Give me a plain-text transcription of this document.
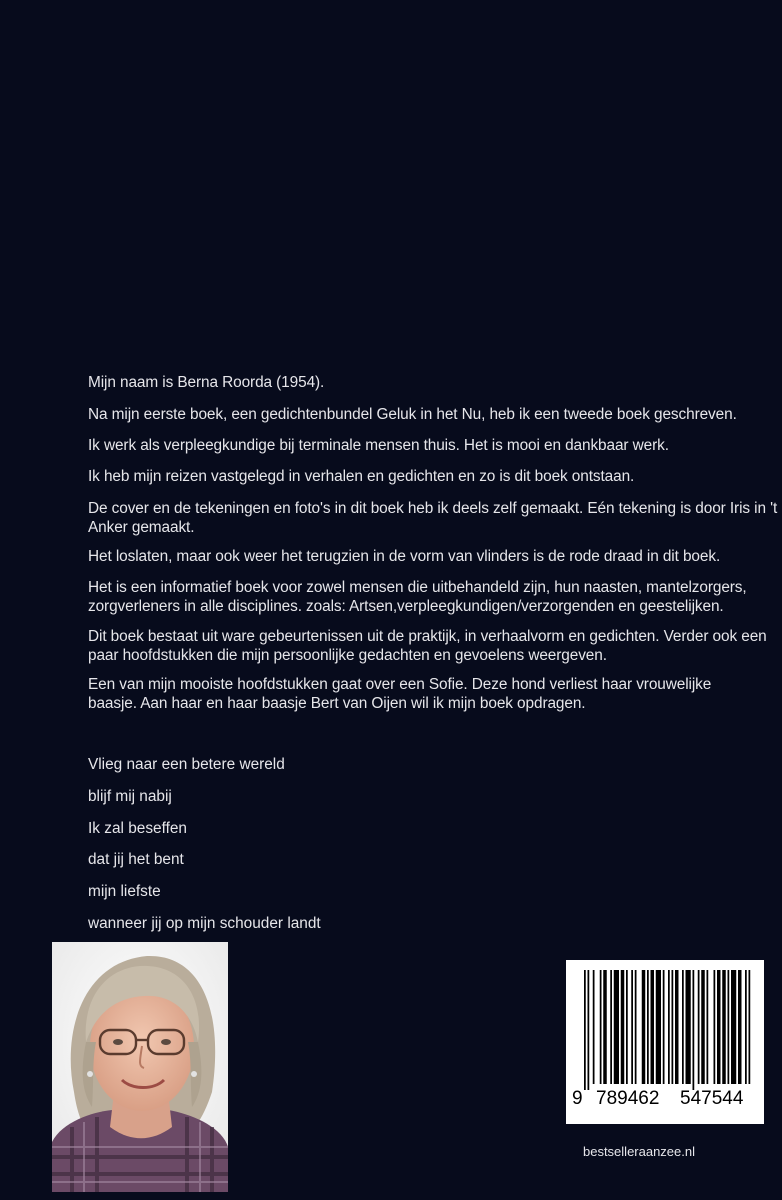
Mijn naam is Berna Roorda (1954).

Na mijn eerste boek, een gedichtenbundel Geluk in het Nu, heb ik een tweede boek geschreven.

Ik werk als verpleegkundige bij terminale mensen thuis. Het is mooi en dankbaar werk.

Ik heb mijn reizen vastgelegd in verhalen en gedichten en zo is dit boek ontstaan.

De cover en de tekeningen en foto's in dit boek heb ik deels zelf gemaakt. Eén tekening is door Iris in 't Anker gemaakt.

Het loslaten, maar ook weer het terugzien in de vorm van vlinders is de rode draad in dit boek.

Het is een informatief boek voor zowel mensen die uitbehandeld zijn, hun naasten, mantelzorgers, zorgverleners in alle disciplines. zoals: Artsen,verpleegkundigen/verzorgenden en geestelijken.

Dit boek bestaat uit ware gebeurtenissen uit de praktijk, in verhaalvorm en gedichten. Verder ook een paar hoofdstukken die mijn persoonlijke gedachten en gevoelens weergeven.

Een van mijn mooiste hoofdstukken gaat over een Sofie. Deze hond verliest haar vrouwelijke baasje. Aan haar en haar baasje Bert van Oijen wil ik mijn boek opdragen.

Vlieg naar een betere wereld

blijf mij nabij

Ik zal beseffen

dat jij het bent

mijn liefste

wanneer jij op mijn schouder landt

9 789462 547544
bestselleraanzee.nl
